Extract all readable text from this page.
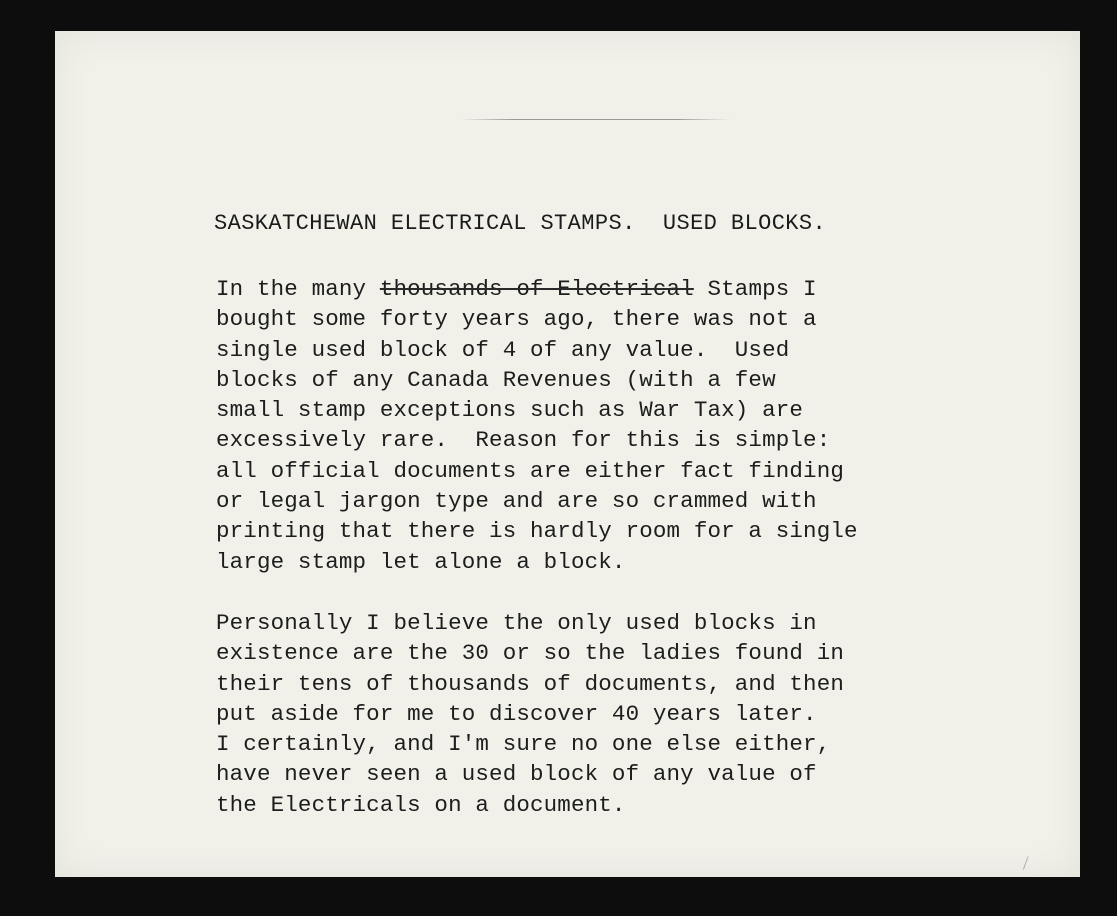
SASKATCHEWAN ELECTRICAL STAMPS.  USED BLOCKS.

In the many thousands of Electrical Stamps I
bought some forty years ago, there was not a
single used block of 4 of any value.  Used
blocks of any Canada Revenues (with a few
small stamp exceptions such as War Tax) are
excessively rare.  Reason for this is simple:
all official documents are either fact finding
or legal jargon type and are so crammed with
printing that there is hardly room for a single
large stamp let alone a block.

Personally I believe the only used blocks in
existence are the 30 or so the ladies found in
their tens of thousands of documents, and then
put aside for me to discover 40 years later.
I certainly, and I'm sure no one else either,
have never seen a used block of any value of
the Electricals on a document.
